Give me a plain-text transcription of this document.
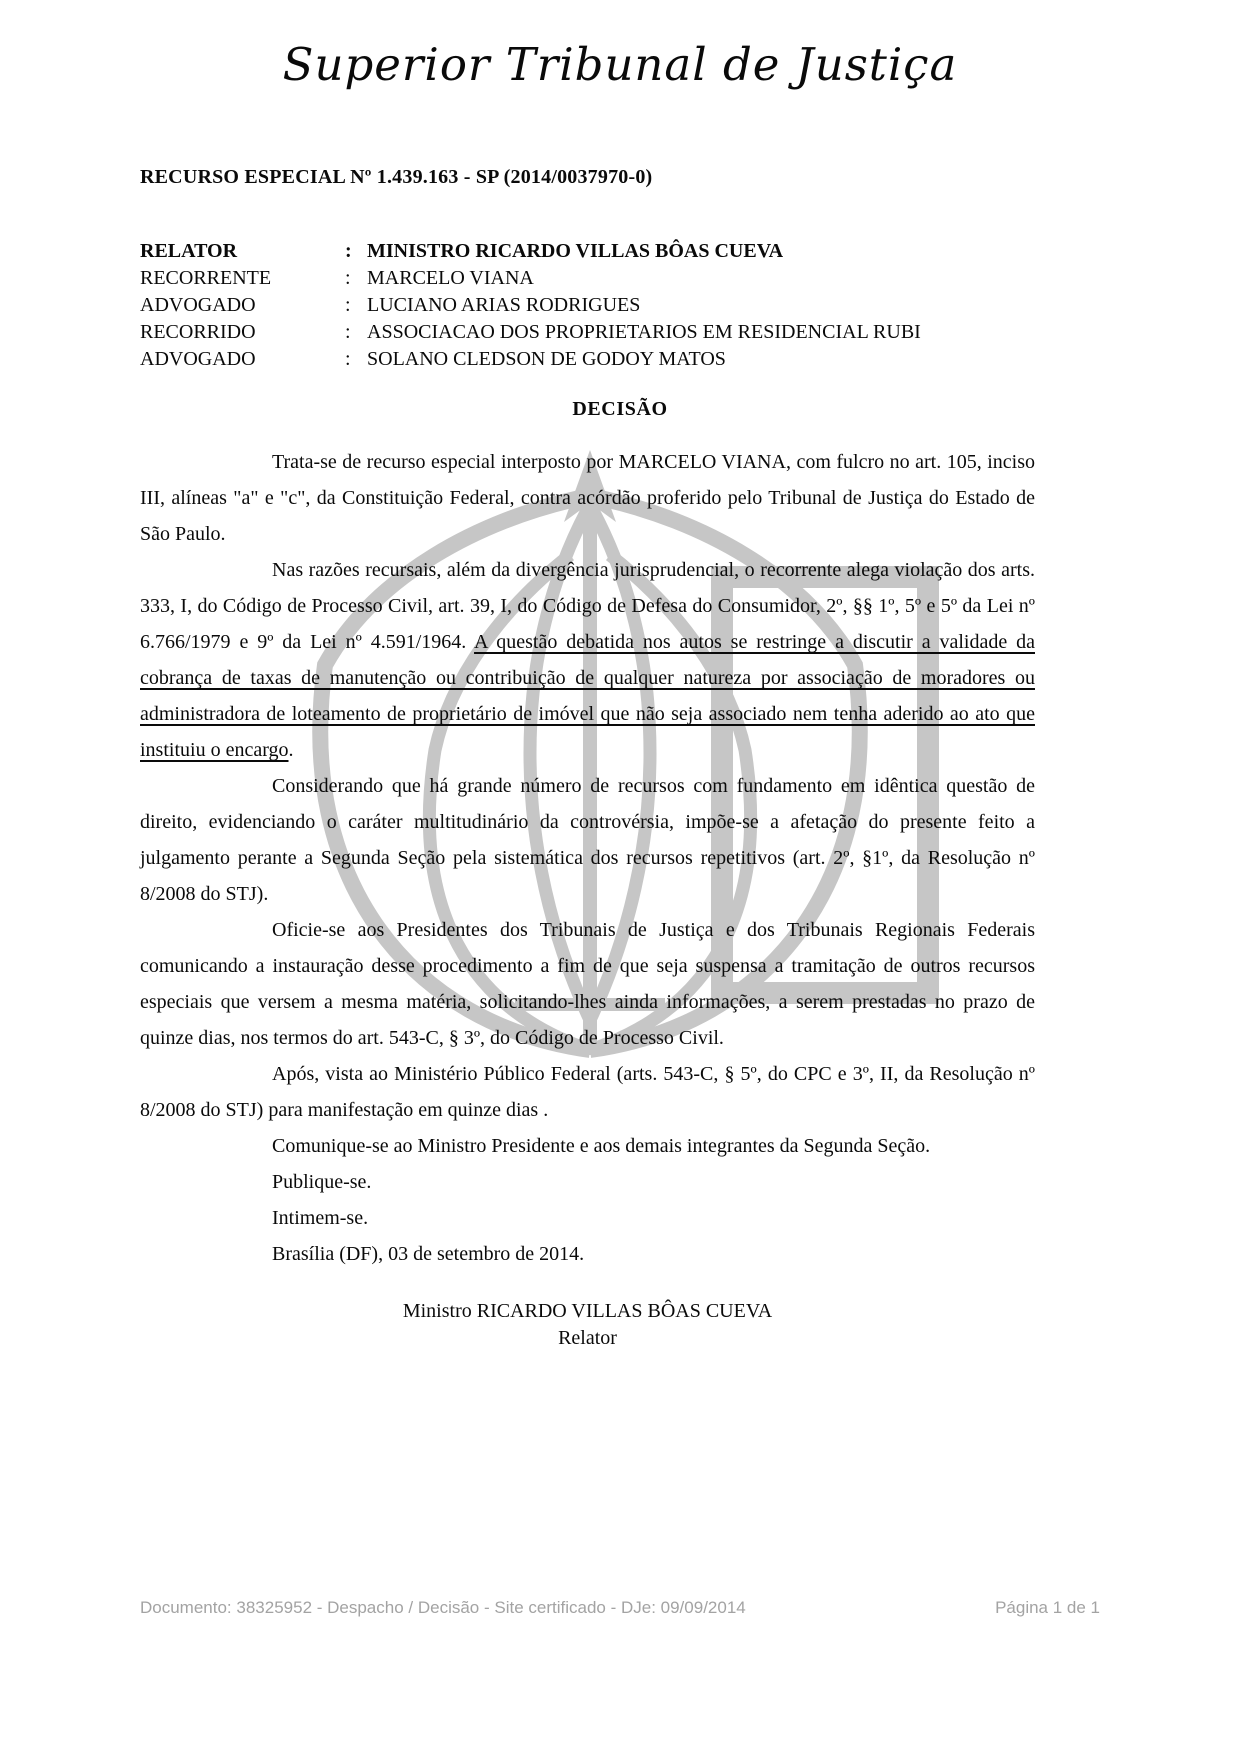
Superior Tribunal de Justiça
RECURSO ESPECIAL Nº 1.439.163 - SP (2014/0037970-0)
RELATOR	: MINISTRO RICARDO VILLAS BÔAS CUEVA
RECORRENTE	: MARCELO VIANA
ADVOGADO	: LUCIANO ARIAS RODRIGUES
RECORRIDO	: ASSOCIACAO DOS PROPRIETARIOS EM RESIDENCIAL RUBI
ADVOGADO	: SOLANO CLEDSON DE GODOY MATOS
DECISÃO

Trata-se de recurso especial interposto por MARCELO VIANA, com fulcro no art. 105, inciso III, alíneas "a" e "c", da Constituição Federal, contra acórdão proferido pelo Tribunal de Justiça do Estado de São Paulo.

Nas razões recursais, além da divergência jurisprudencial, o recorrente alega violação dos arts. 333, I, do Código de Processo Civil, art. 39, I, do Código de Defesa do Consumidor, 2º, §§ 1º, 5º e 5º da Lei nº 6.766/1979 e 9º da Lei nº 4.591/1964. A questão debatida nos autos se restringe a discutir a validade da cobrança de taxas de manutenção ou contribuição de qualquer natureza por associação de moradores ou administradora de loteamento de proprietário de imóvel que não seja associado nem tenha aderido ao ato que instituiu o encargo.

Considerando que há grande número de recursos com fundamento em idêntica questão de direito, evidenciando o caráter multitudinário da controvérsia, impõe-se a afetação do presente feito a julgamento perante a Segunda Seção pela sistemática dos recursos repetitivos (art. 2º, §1º, da Resolução nº 8/2008 do STJ).

Oficie-se aos Presidentes dos Tribunais de Justiça e dos Tribunais Regionais Federais comunicando a instauração desse procedimento a fim de que seja suspensa a tramitação de outros recursos especiais que versem a mesma matéria, solicitando-lhes ainda informações, a serem prestadas no prazo de quinze dias, nos termos do art. 543-C, § 3º, do Código de Processo Civil.

Após, vista ao Ministério Público Federal (arts. 543-C, § 5º, do CPC e 3º, II, da Resolução nº 8/2008 do STJ) para manifestação em quinze dias .

Comunique-se ao Ministro Presidente e aos demais integrantes da Segunda Seção.

Publique-se.

Intimem-se.

Brasília (DF), 03 de setembro de 2014.

Ministro RICARDO VILLAS BÔAS CUEVA
Relator
Documento: 38325952 - Despacho / Decisão - Site certificado - DJe: 09/09/2014	Página 1 de 1
